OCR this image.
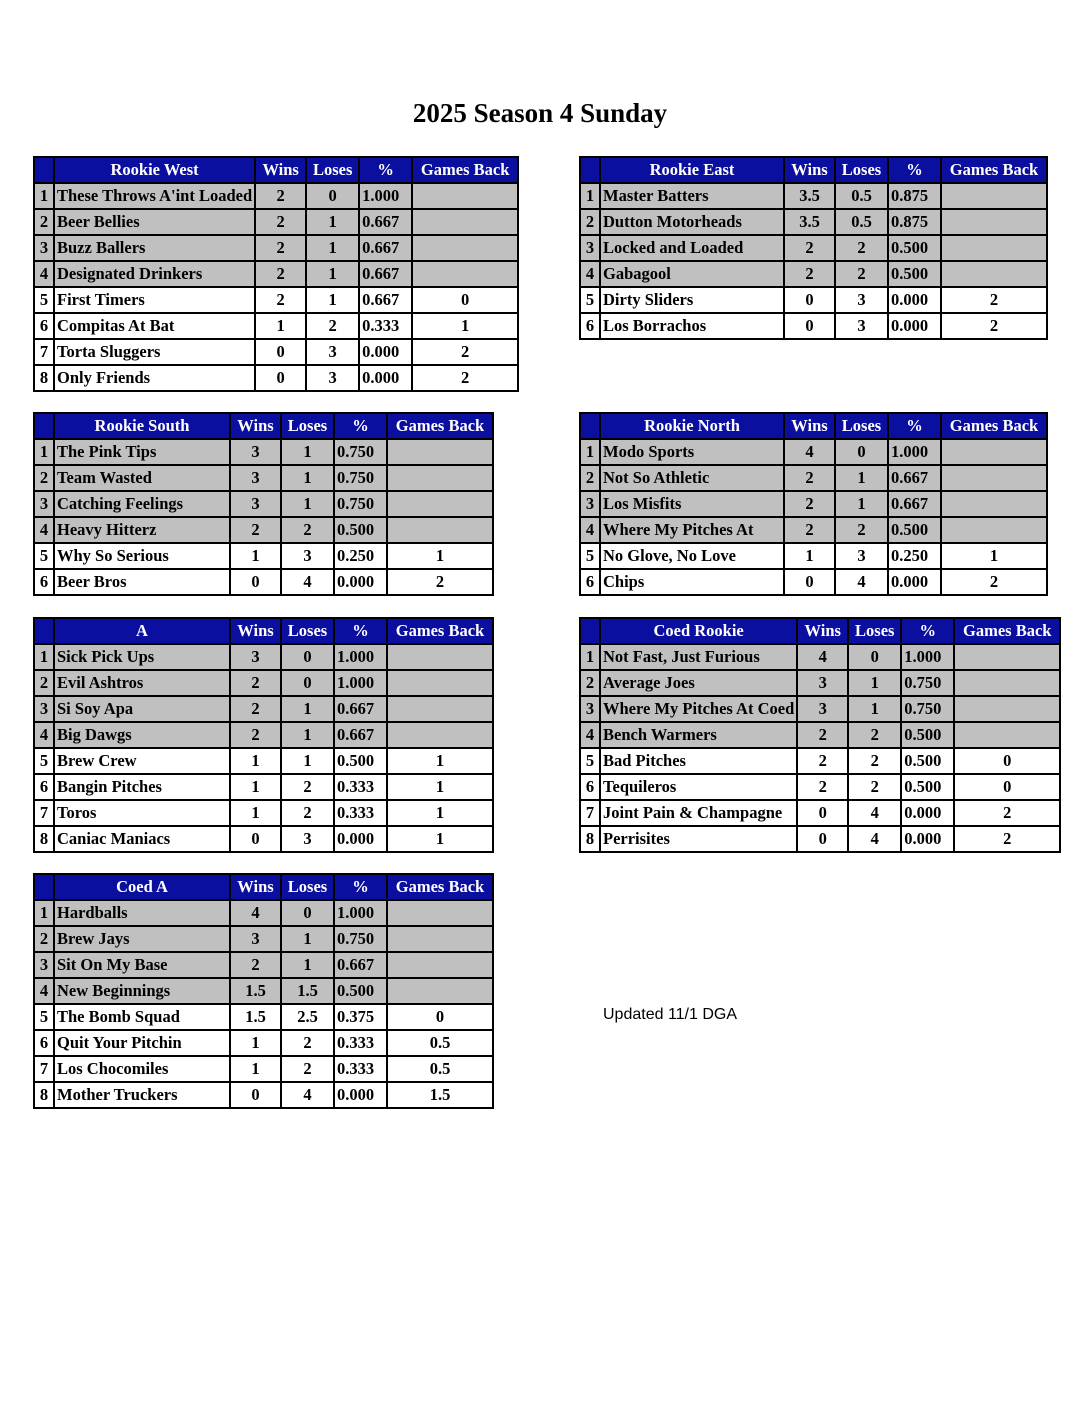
2025 Season 4 Sunday
	Rookie West	Wins	Loses	%	Games Back
1	These Throws A'int Loaded	2	0	1.000	
2	Beer Bellies	2	1	0.667	
3	Buzz Ballers	2	1	0.667	
4	Designated Drinkers	2	1	0.667	
5	First Timers	2	1	0.667	0
6	Compitas At Bat	1	2	0.333	1
7	Torta Sluggers	0	3	0.000	2
8	Only Friends	0	3	0.000	2
	Rookie East	Wins	Loses	%	Games Back
1	Master Batters	3.5	0.5	0.875	
2	Dutton Motorheads	3.5	0.5	0.875	
3	Locked and Loaded	2	2	0.500	
4	Gabagool	2	2	0.500	
5	Dirty Sliders	0	3	0.000	2
6	Los Borrachos	0	3	0.000	2
	Rookie South	Wins	Loses	%	Games Back
1	The Pink Tips	3	1	0.750	
2	Team Wasted	3	1	0.750	
3	Catching Feelings	3	1	0.750	
4	Heavy Hitterz	2	2	0.500	
5	Why So Serious	1	3	0.250	1
6	Beer Bros	0	4	0.000	2
	Rookie North	Wins	Loses	%	Games Back
1	Modo Sports	4	0	1.000	
2	Not So Athletic	2	1	0.667	
3	Los Misfits	2	1	0.667	
4	Where My Pitches At	2	2	0.500	
5	No Glove, No Love	1	3	0.250	1
6	Chips	0	4	0.000	2
	A	Wins	Loses	%	Games Back
1	Sick Pick Ups	3	0	1.000	
2	Evil Ashtros	2	0	1.000	
3	Si Soy Apa	2	1	0.667	
4	Big Dawgs	2	1	0.667	
5	Brew Crew	1	1	0.500	1
6	Bangin Pitches	1	2	0.333	1
7	Toros	1	2	0.333	1
8	Caniac Maniacs	0	3	0.000	1
	Coed Rookie	Wins	Loses	%	Games Back
1	Not Fast, Just Furious	4	0	1.000	
2	Average Joes	3	1	0.750	
3	Where My Pitches At Coed	3	1	0.750	
4	Bench Warmers	2	2	0.500	
5	Bad Pitches	2	2	0.500	0
6	Tequileros	2	2	0.500	0
7	Joint Pain & Champagne	0	4	0.000	2
8	Perrisites	0	4	0.000	2
	Coed A	Wins	Loses	%	Games Back
1	Hardballs	4	0	1.000	
2	Brew Jays	3	1	0.750	
3	Sit On My Base	2	1	0.667	
4	New Beginnings	1.5	1.5	0.500	
5	The Bomb Squad	1.5	2.5	0.375	0
6	Quit Your Pitchin	1	2	0.333	0.5
7	Los Chocomiles	1	2	0.333	0.5
8	Mother Truckers	0	4	0.000	1.5
Updated 11/1 DGA
